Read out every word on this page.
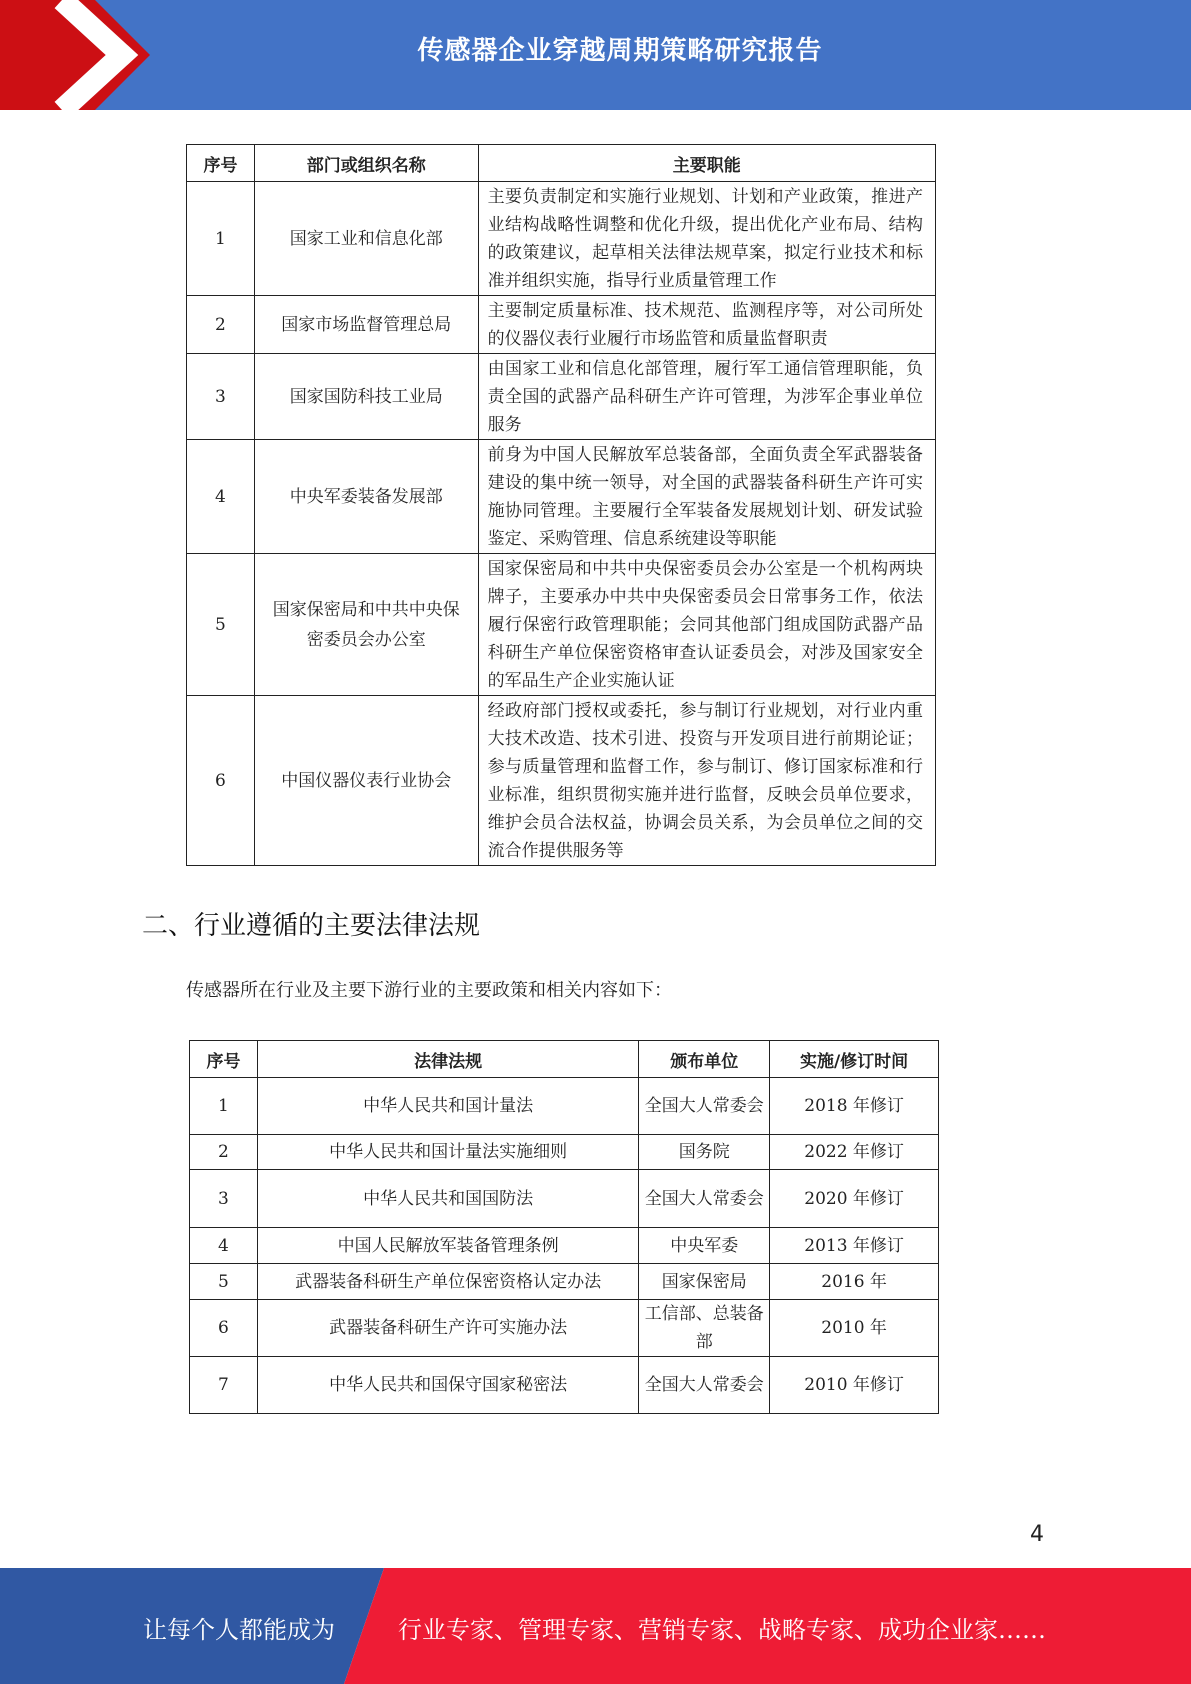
传感器企业穿越周期策略研究报告
序号	部门或组织名称	主要职能
1	国家工业和信息化部	主要负责制定和实施行业规划、计划和产业政策，推进产业结构战略性调整和优化升级，提出优化产业布局、结构的政策建议，起草相关法律法规草案，拟定行业技术和标准并组织实施，指导行业质量管理工作
2	国家市场监督管理总局	主要制定质量标准、技术规范、监测程序等，对公司所处的仪器仪表行业履行市场监管和质量监督职责
3	国家国防科技工业局	由国家工业和信息化部管理，履行军工通信管理职能，负责全国的武器产品科研生产许可管理，为涉军企事业单位服务
4	中央军委装备发展部	前身为中国人民解放军总装备部，全面负责全军武器装备建设的集中统一领导，对全国的武器装备科研生产许可实施协同管理。主要履行全军装备发展规划计划、研发试验鉴定、采购管理、信息系统建设等职能
5	国家保密局和中共中央保密委员会办公室	国家保密局和中共中央保密委员会办公室是一个机构两块牌子，主要承办中共中央保密委员会日常事务工作，依法履行保密行政管理职能；会同其他部门组成国防武器产品科研生产单位保密资格审查认证委员会，对涉及国家安全的军品生产企业实施认证
6	中国仪器仪表行业协会	经政府部门授权或委托，参与制订行业规划，对行业内重大技术改造、技术引进、投资与开发项目进行前期论证；参与质量管理和监督工作，参与制订、修订国家标准和行业标准，组织贯彻实施并进行监督，反映会员单位要求，维护会员合法权益，协调会员关系，为会员单位之间的交流合作提供服务等
二、行业遵循的主要法律法规
传感器所在行业及主要下游行业的主要政策和相关内容如下：
序号	法律法规	颁布单位	实施/修订时间
1	中华人民共和国计量法	全国大人常委会	2018 年修订
2	中华人民共和国计量法实施细则	国务院	2022 年修订
3	中华人民共和国国防法	全国大人常委会	2020 年修订
4	中国人民解放军装备管理条例	中央军委	2013 年修订
5	武器装备科研生产单位保密资格认定办法	国家保密局	2016 年
6	武器装备科研生产许可实施办法	工信部、总装备部	2010 年
7	中华人民共和国保守国家秘密法	全国大人常委会	2010 年修订
4
让每个人都能成为	行业专家、管理专家、营销专家、战略专家、成功企业家……
